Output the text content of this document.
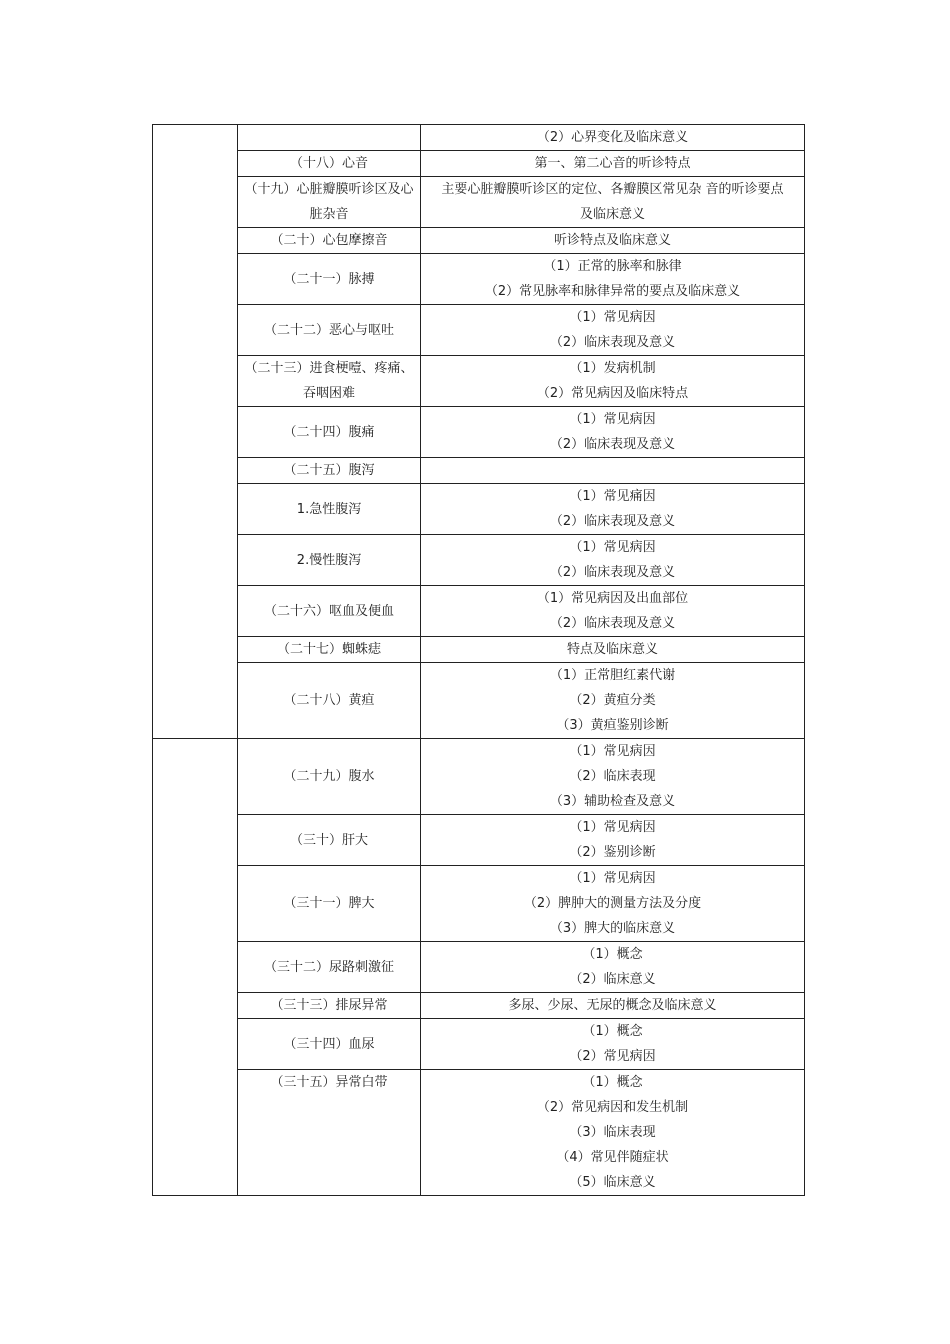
		（2）心界变化及临床意义

	（十八）心音	第一、第二心音的听诊特点

	（十九）心脏瓣膜听诊区及心脏杂音	主要心脏瓣膜听诊区的定位、各瓣膜区常见杂 音的听诊要点
及临床意义

	（二十）心包摩擦音	听诊特点及临床意义

	（二十一）脉搏	（1）正常的脉率和脉律
（2）常见脉率和脉律异常的要点及临床意义

	（二十二）恶心与呕吐	（1）常见病因
（2）临床表现及意义

	（二十三）进食梗噎、疼痛、吞咽困难	（1）发病机制
（2）常见病因及临床特点

	（二十四）腹痛	（1）常见病因
（2）临床表现及意义

	（二十五）腹泻	

	1.急性腹泻	（1）常见痛因
（2）临床表现及意义

	2.慢性腹泻	（1）常见病因
（2）临床表现及意义

	（二十六）呕血及便血	（1）常见病因及出血部位
（2）临床表现及意义

	（二十七）蜘蛛痣	特点及临床意义

	（二十八）黄疸	（1）正常胆红素代谢
（2）黄疸分类
（3）黄疸鉴别诊断

	（二十九）腹水	（1）常见病因
（2）临床表现
（3）辅助检查及意义

	（三十）肝大	（1）常见病因
（2）鉴别诊断

	（三十一）脾大	（1）常见病因
（2）脾肿大的测量方法及分度
（3）脾大的临床意义

	（三十二）尿路刺激征	（1）概念
（2）临床意义

	（三十三）排尿异常	多尿、少尿、无尿的概念及临床意义

	（三十四）血尿	（1）概念
（2）常见病因

	（三十五）异常白带	（1）概念
（2）常见病因和发生机制
（3）临床表现
（4）常见伴随症状
（5）临床意义
